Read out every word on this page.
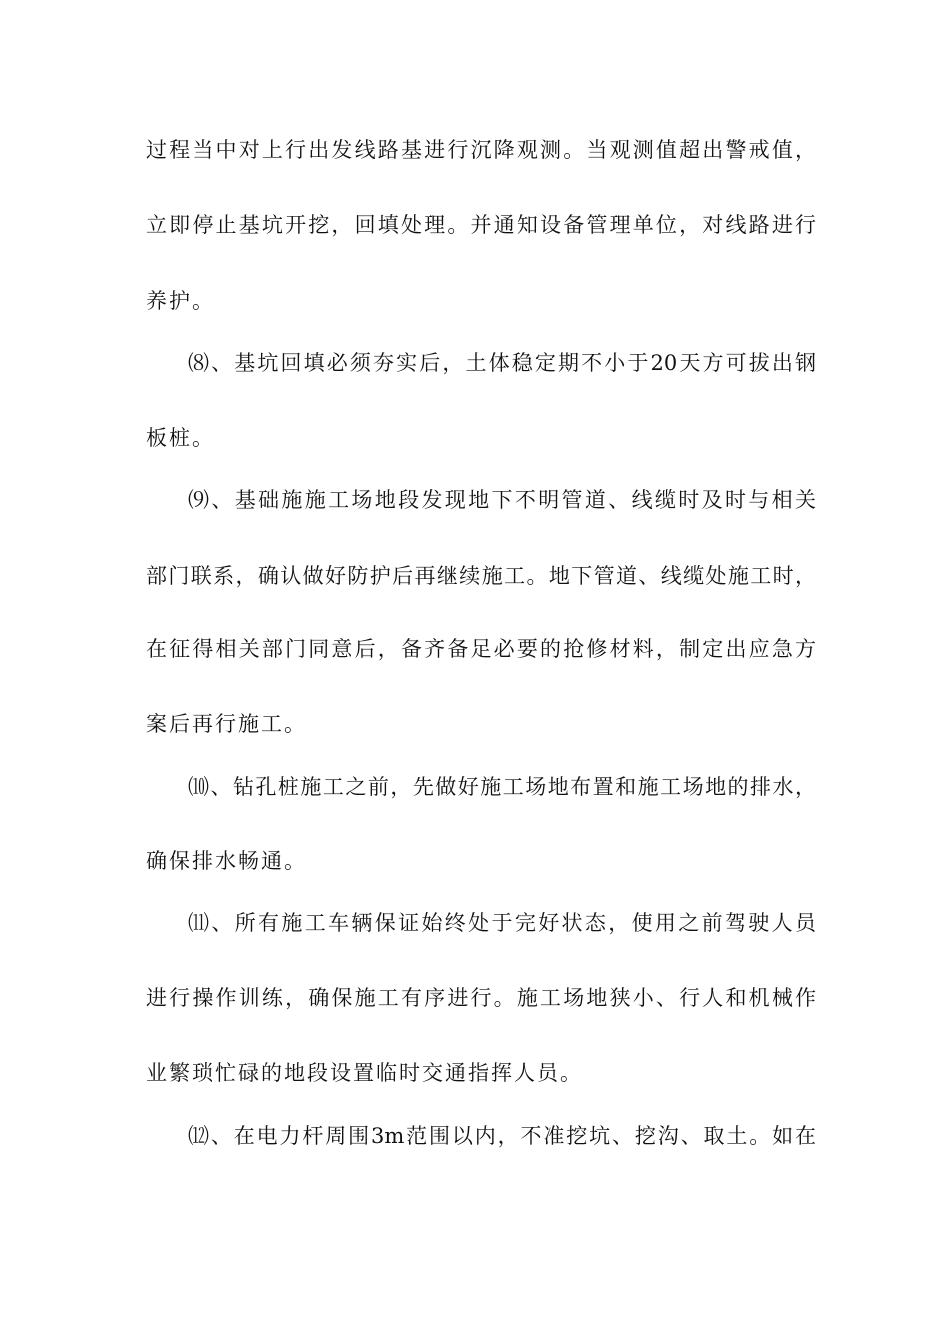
过程当中对上行出发线路基进行沉降观测。当观测值超出警戒值，
立即停止基坑开挖，回填处理。并通知设备管理单位，对线路进行
养护。
⑻、基坑回填必须夯实后，土体稳定期不小于20天方可拔出钢
板桩。
⑼、基础施施工场地段发现地下不明管道、线缆时及时与相关
部门联系，确认做好防护后再继续施工。地下管道、线缆处施工时，
在征得相关部门同意后，备齐备足必要的抢修材料，制定出应急方
案后再行施工。
⑽、钻孔桩施工之前，先做好施工场地布置和施工场地的排水，
确保排水畅通。
⑾、所有施工车辆保证始终处于完好状态，使用之前驾驶人员
进行操作训练，确保施工有序进行。施工场地狭小、行人和机械作
业繁琐忙碌的地段设置临时交通指挥人员。
⑿、在电力杆周围3m范围以内，不准挖坑、挖沟、取土。如在
